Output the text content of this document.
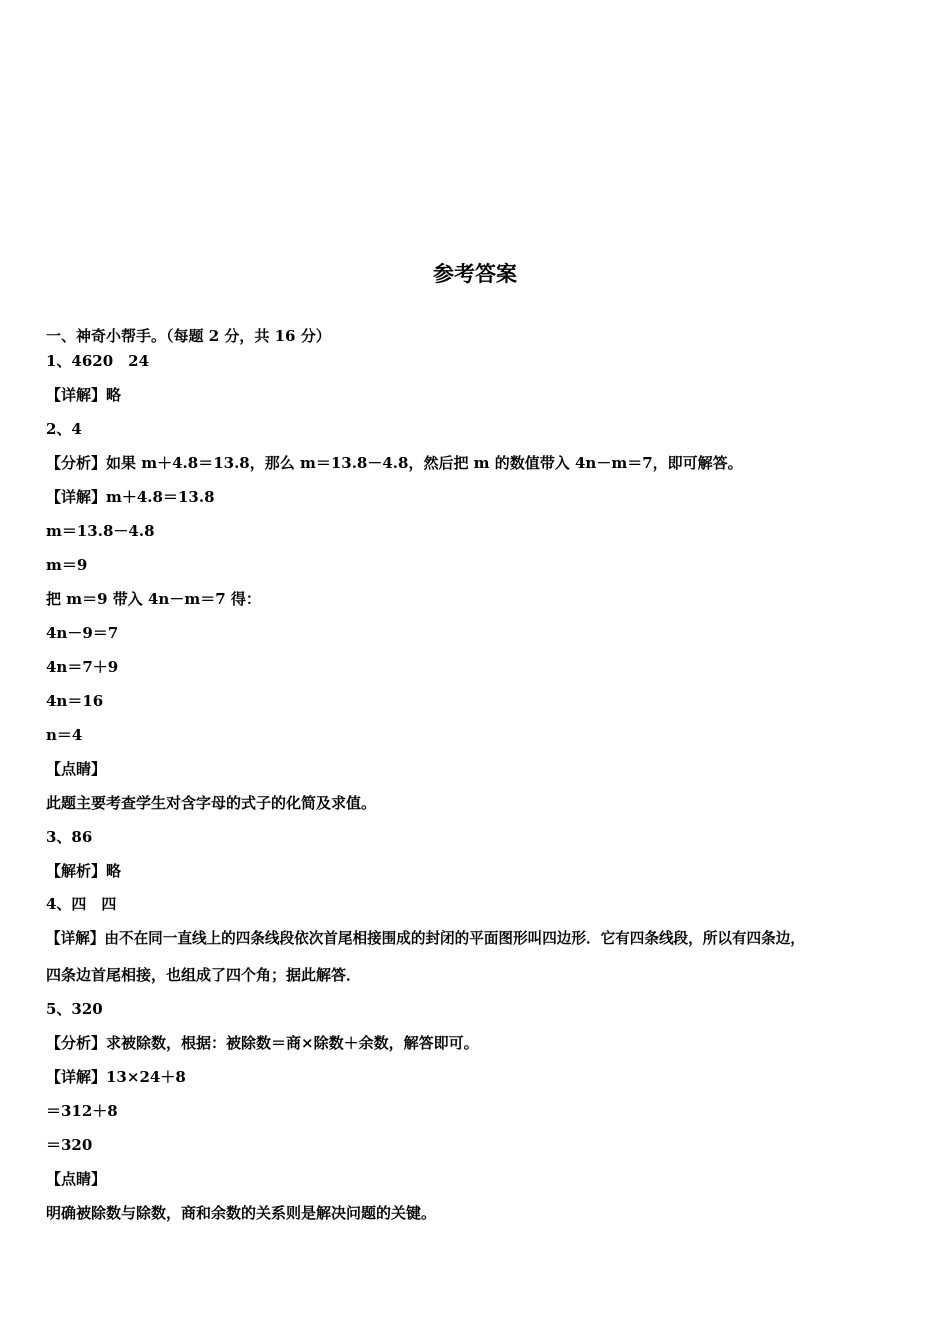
参考答案
一、神奇小帮手。（每题 2 分，共 16 分）
1、4620　24
【详解】略
2、4
【分析】如果 m＋4.8＝13.8，那么 m＝13.8－4.8，然后把 m 的数值带入 4n－m＝7，即可解答。
【详解】m＋4.8＝13.8
m＝13.8－4.8
m＝9
把 m＝9 带入 4n－m＝7 得：
4n－9＝7
4n＝7＋9
4n＝16
n＝4
【点睛】
此题主要考查学生对含字母的式子的化简及求值。
3、86
【解析】略
4、四　四
【详解】由不在同一直线上的四条线段依次首尾相接围成的封闭的平面图形叫四边形．它有四条线段，所以有四条边，
四条边首尾相接，也组成了四个角；据此解答．
5、320
【分析】求被除数，根据：被除数＝商×除数＋余数，解答即可。
【详解】13×24＋8
＝312＋8
＝320
【点睛】
明确被除数与除数，商和余数的关系则是解决问题的关键。
